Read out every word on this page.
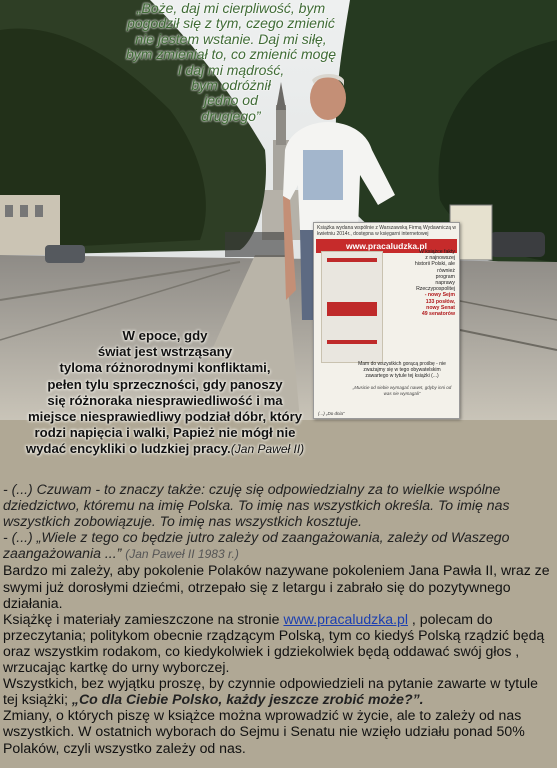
„Boże, daj mi cierpliwość, bym
pogodził się z tym, czego zmienić
nie jestem wstanie. Daj mi siłę,
bym zmieniał to, co zmienić mogę
I daj mi mądrość,
bym odróżnił
jedno od
drugiego”
Książka wydana wspólnie z Warszawską Firmą Wydawniczą w kwietniu 2014r., dostępna w księgarni internetowej
www.pracaludzka.pl
W książce fakty
z najnowszej
historii Polski, ale
również
program
naprawy
Rzeczypospolitej
- nowy Sejm
133 posłów,
nowy Senat
49 senatorów
Mam do wszystkich gorącą prośbę - nie zważajmy się w tego obywatelskim zawartego w tytule tej książki (...)
„Musicie od siebie wymagać nawet, gdyby inni od was nie wymagali”
(...) „Do dnia”
W epoce, gdy
świat jest wstrząsany
tyloma różnorodnymi konfliktami,
pełen tylu sprzeczności, gdy panoszy
się różnoraka niesprawiedliwość i ma
miejsce niesprawiedliwy podział dóbr, który
rodzi napięcia i walki, Papież nie mógł nie
wydać encykliki o ludzkiej pracy.(Jan Paweł II)

- (...) Czuwam - to znaczy także: czuję się odpowiedzialny za to wielkie wspólne dziedzictwo, któremu na imię Polska. To imię nas wszystkich określa. To imię nas wszystkich zobowiązuje. To imię nas wszystkich kosztuje.

- (...) „Wiele z tego co będzie jutro zależy od zaangażowania, zależy od Waszego zaangażowania ...” (Jan Paweł II 1983 r.)

Bardzo mi zależy, aby pokolenie Polaków nazywane pokoleniem Jana Pawła II, wraz ze swymi już dorosłymi dziećmi, otrzepało się z letargu i zabrało się do pozytywnego działania.

Książkę i materiały zamieszczone na stronie www.pracaludzka.pl , polecam do przeczytania; politykom obecnie rządzącym Polską, tym co kiedyś Polską rządzić będą oraz wszystkim rodakom, co kiedykolwiek i gdziekolwiek będą oddawać swój głos , wrzucając kartkę do urny wyborczej.

Wszystkich, bez wyjątku proszę, by czynnie odpowiedzieli na pytanie zawarte w tytule tej książki; „Co dla Ciebie Polsko, każdy jeszcze zrobić może?”.

Zmiany, o których piszę w książce można wprowadzić w życie, ale to zależy od nas wszystkich. W ostatnich wyborach do Sejmu i Senatu nie wzięło udziału ponad 50% Polaków, czyli wszystko zależy od nas.
